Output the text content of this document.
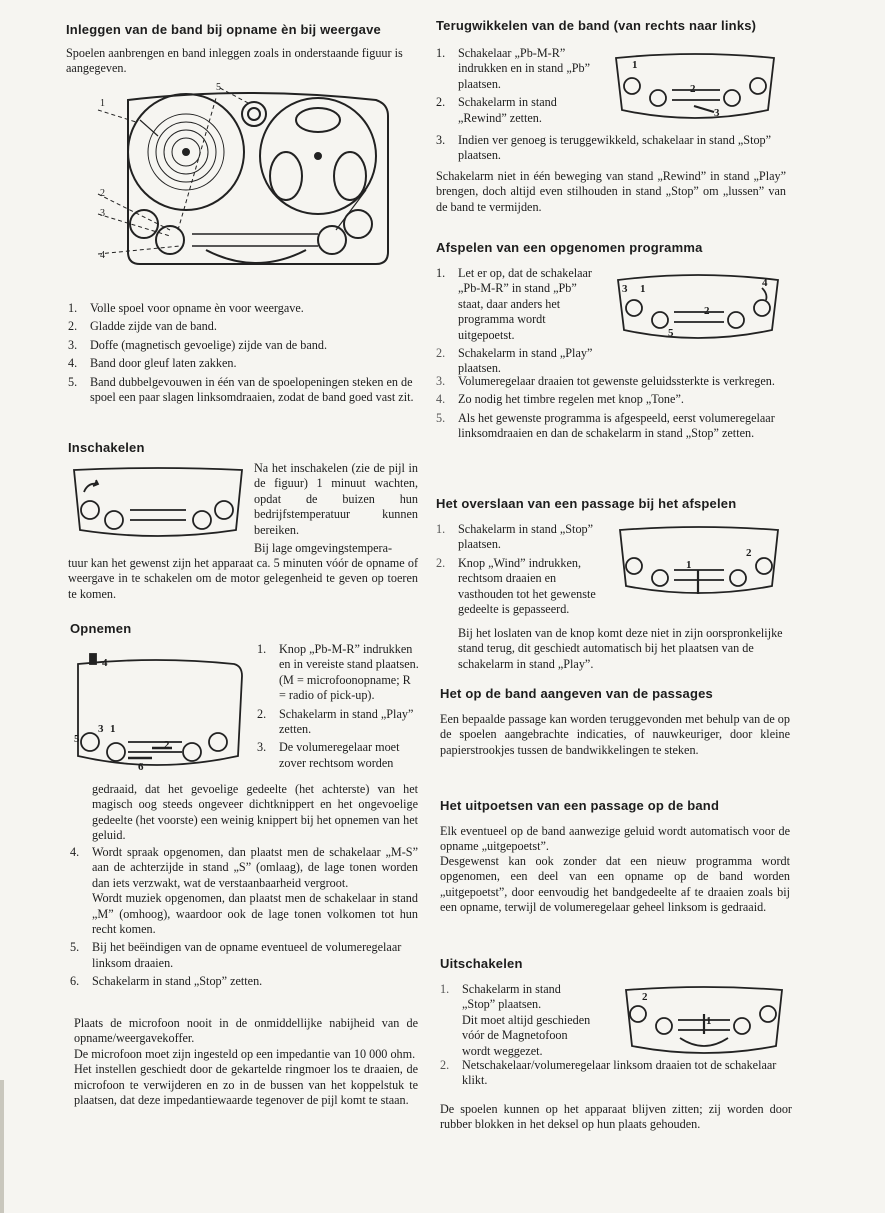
Inleggen van de band bij opname èn bij weergave

Spoelen aanbrengen en band inleggen zoals in onderstaande figuur is aangegeven.

1
2
3
4
5
1. Volle spoel voor opname èn voor weergave.
2. Gladde zijde van de band.
3. Doffe (magnetisch gevoelige) zijde van de band.
4. Band door gleuf laten zakken.
5. Band dubbelgevouwen in één van de spoelopeningen steken en de spoel een paar slagen linksomdraaien, zodat de band goed vast zit.
Inschakelen

Na het inschakelen (zie de pijl in de figuur) 1 minuut wachten, opdat de buizen hun bedrijfstemperatuur kunnen bereiken.

Bij lage omgevingstempera-

tuur kan het gewenst zijn het apparaat ca. 5 minuten vóór de opname of weergave in te schakelen om de motor gelegenheid te geven op toeren te komen.

Opnemen
4
1
2
3
5
6
1. Knop „Pb-M-R” indrukken en in vereiste stand plaatsen.
(M = microfoonopname; R = radio of pick-up).
2. Schakelarm in stand „Play” zetten.
3. De volumeregelaar moet zover rechtsom worden

gedraaid, dat het gevoelige gedeelte (het achterste) van het magisch oog steeds ongeveer dichtknippert en het ongevoelige gedeelte (het voorste) een weinig knippert bij het opnemen van het geluid.

4. Wordt spraak opgenomen, dan plaatst men de schakelaar „M-S” aan de achterzijde in stand „S” (omlaag), de lage tonen worden dan iets verzwakt, wat de verstaanbaarheid vergroot.
Wordt muziek opgenomen, dan plaatst men de schakelaar in stand „M” (omhoog), waardoor ook de lage tonen volkomen tot hun recht komen.
5. Bij het beëindigen van de opname eventueel de volumeregelaar linksom draaien.
6. Schakelarm in stand „Stop” zetten.

Plaats de microfoon nooit in de onmiddellijke nabijheid van de opname/weergavekoffer.

De microfoon moet zijn ingesteld op een impedantie van 10 000 ohm.

Het instellen geschiedt door de gekartelde ringmoer los te draaien, de microfoon te verwijderen en zo in de bussen van het koppelstuk te plaatsen, dat deze impedantiewaarde tegenover de pijl komt te staan.

Terugwikkelen van de band (van rechts naar links)
1. Schakelaar „Pb-M-R” indrukken en in stand „Pb” plaatsen.
2. Schakelarm in stand „Rewind” zetten.
3. Indien ver genoeg is teruggewikkeld, schakelaar in stand „Stop” plaatsen.
1
2
3

Schakelarm niet in één beweging van stand „Rewind” in stand „Play” brengen, doch altijd even stilhouden in stand „Stop” om „lussen” van de band te vermijden.

Afspelen van een opgenomen programma
1. Let er op, dat de schakelaar „Pb-M-R” in stand „Pb” staat, daar anders het programma wordt uitgepoetst.
2. Schakelarm in stand „Play” plaatsen.
3. Volumeregelaar draaien tot gewenste geluidssterkte is verkregen.
4. Zo nodig het timbre regelen met knop „Tone”.
5. Als het gewenste programma is afgespeeld, eerst volumeregelaar linksomdraaien en dan de schakelarm in stand „Stop” zetten.
3 1
2
4
5
Het overslaan van een passage bij het afspelen
1. Schakelarm in stand „Stop” plaatsen.
2. Knop „Wind” indrukken, rechtsom draaien en vasthouden tot het gewenste gedeelte is gepasseerd.

Bij het loslaten van de knop komt deze niet in zijn oorspronkelijke stand terug, dit geschiedt automatisch bij het plaatsen van de schakelarm in stand „Play”.

1
2
Het op de band aangeven van de passages

Een bepaalde passage kan worden teruggevonden met behulp van de op de spoelen aangebrachte indicaties, of nauwkeuriger, door kleine papierstrookjes tussen de bandwikkelingen te steken.

Het uitpoetsen van een passage op de band

Elk eventueel op de band aanwezige geluid wordt automatisch voor de opname „uitgepoetst”.

Desgewenst kan ook zonder dat een nieuw programma wordt opgenomen, een deel van een opname op de band worden „uitgepoetst”, door eenvoudig het bandgedeelte af te draaien zoals bij een opname, terwijl de volumeregelaar geheel linksom is gedraaid.

Uitschakelen
1. Schakelarm in stand „Stop” plaatsen.
Dit moet altijd geschieden vóór de Magnetofoon wordt weggezet.
2. Netschakelaar/volumeregelaar linksom draaien tot de schakelaar klikt.
2
1

De spoelen kunnen op het apparaat blijven zitten; zij worden door rubber blokken in het deksel op hun plaats gehouden.
